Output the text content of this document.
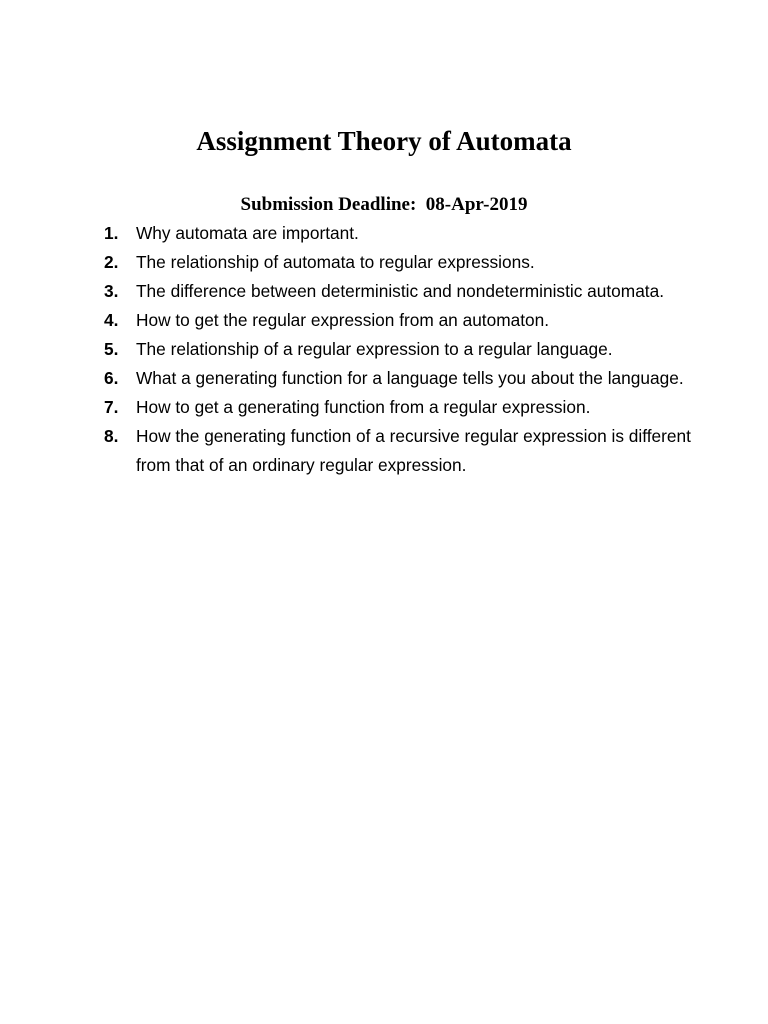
Assignment Theory of Automata
Submission Deadline:  08-Apr-2019
1.	Why automata are important.
2.	The relationship of automata to regular expressions.
3.	The difference between deterministic and nondeterministic automata.
4.	How to get the regular expression from an automaton.
5.	The relationship of a regular expression to a regular language.
6.	What a generating function for a language tells you about the language.
7.	How to get a generating function from a regular expression.
8.	How the generating function of a recursive regular expression is different from that of an ordinary regular expression.
